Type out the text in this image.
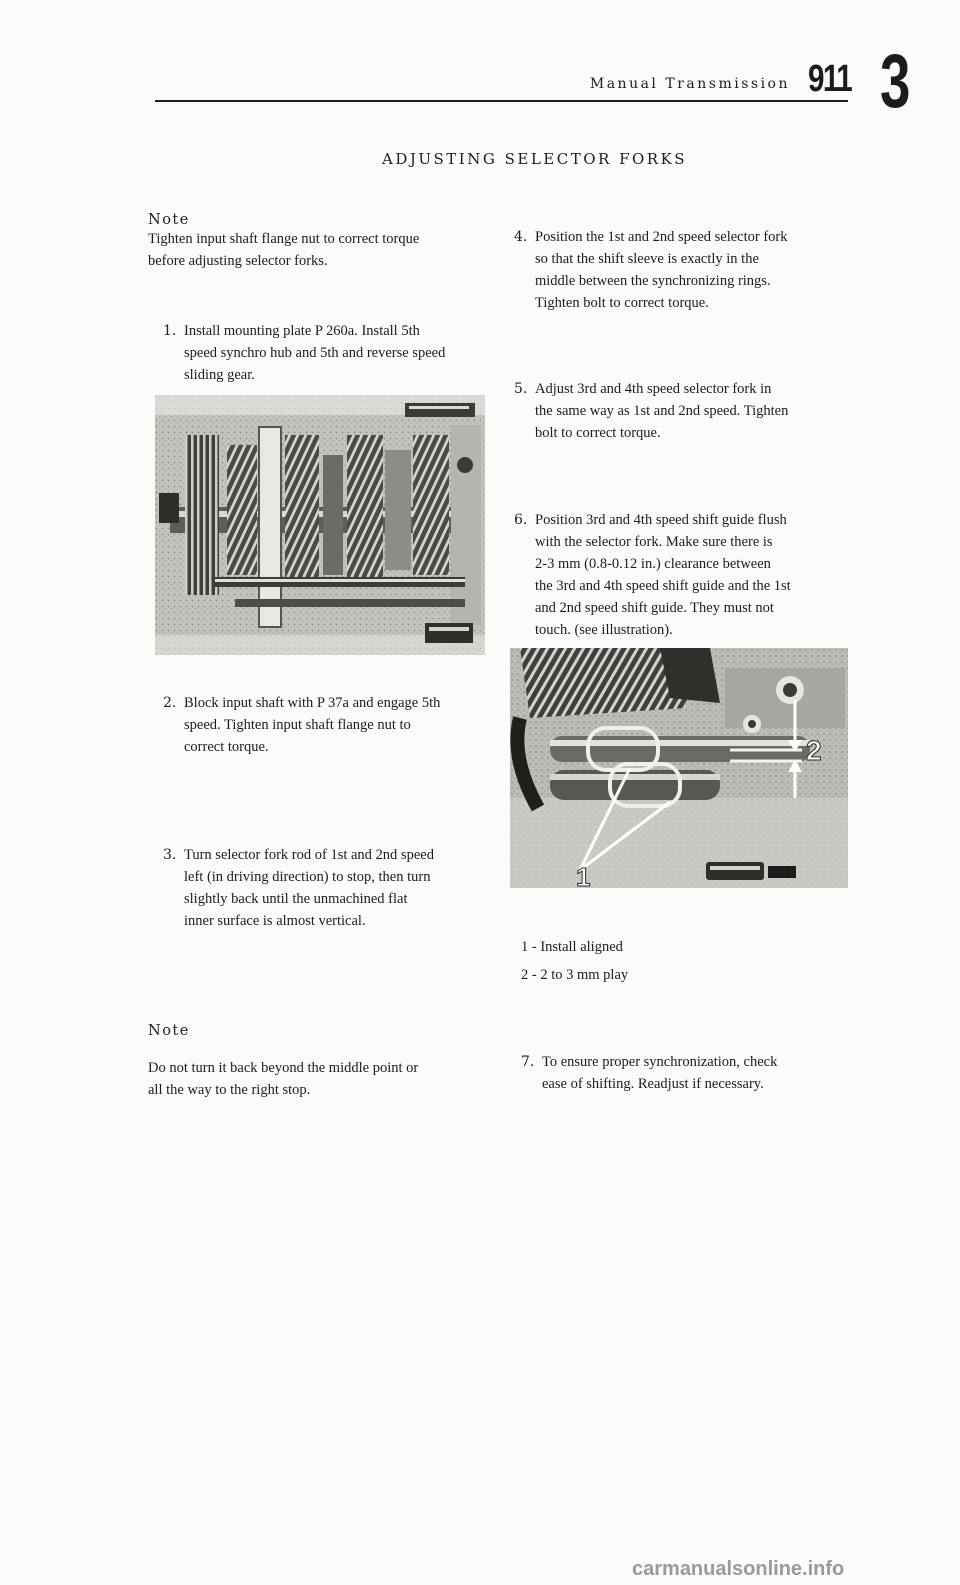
Manual Transmission 911 3
ADJUSTING SELECTOR FORKS
Note
Tighten input shaft flange nut to correct torque
before adjusting selector forks.
1. Install mounting plate P 260a. Install 5th
speed synchro hub and 5th and reverse speed
sliding gear.
2. Block input shaft with P 37a and engage 5th
speed. Tighten input shaft flange nut to
correct torque.
3. Turn selector fork rod of 1st and 2nd speed
left (in driving direction) to stop, then turn
slightly back until the unmachined flat
inner surface is almost vertical.
Note
Do not turn it back beyond the middle point or
all the way to the right stop.
4. Position the 1st and 2nd speed selector fork
so that the shift sleeve is exactly in the
middle between the synchronizing rings.
Tighten bolt to correct torque.
5. Adjust 3rd and 4th speed selector fork in
the same way as 1st and 2nd speed. Tighten
bolt to correct torque.
6. Position 3rd and 4th speed shift guide flush
with the selector fork. Make sure there is
2-3 mm (0.8-0.12 in.) clearance between
the 3rd and 4th speed shift guide and the 1st
and 2nd speed shift guide. They must not
touch. (see illustration).
2
1
1 - Install aligned
2 - 2 to 3 mm play
7. To ensure proper synchronization, check
ease of shifting. Readjust if necessary.
carmanualsonline.info
